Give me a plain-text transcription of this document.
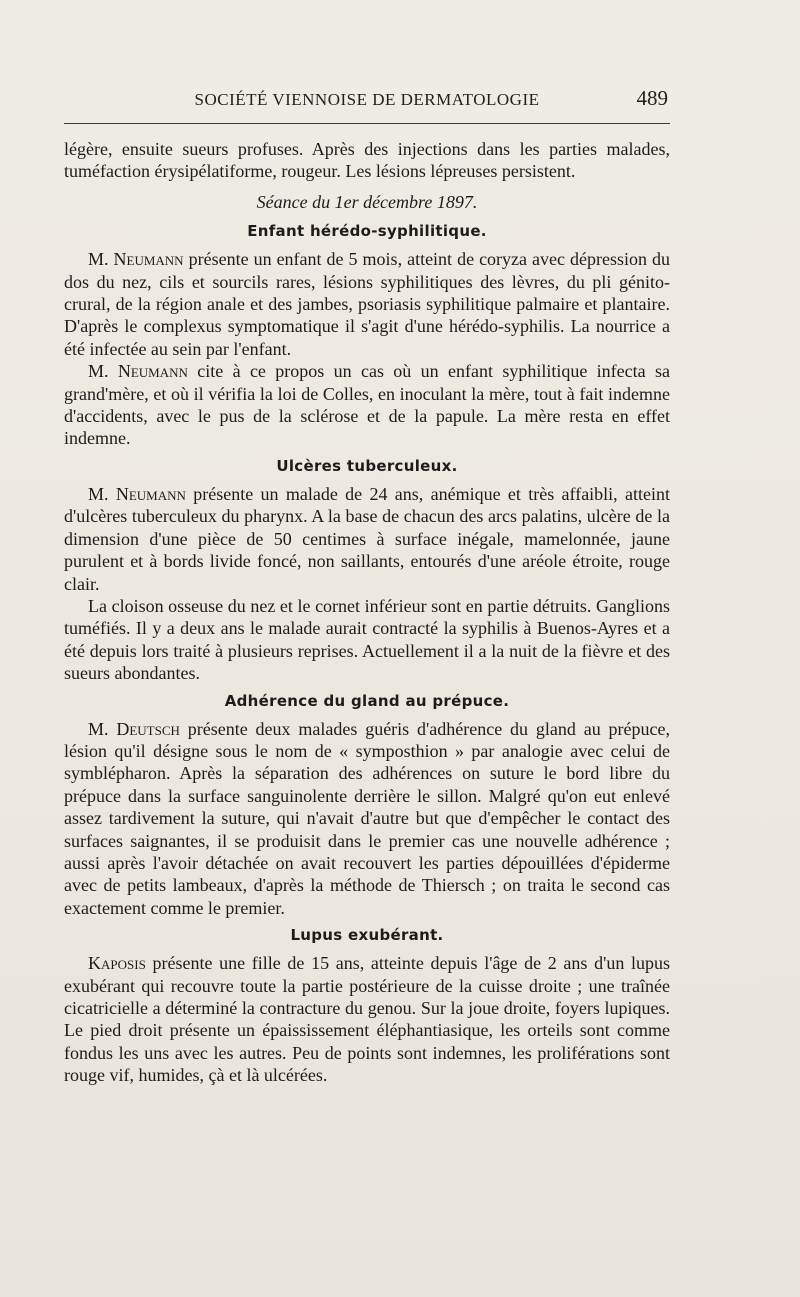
SOCIÉTÉ VIENNOISE DE DERMATOLOGIE	489

légère, ensuite sueurs profuses. Après des injections dans les parties malades, tuméfaction érysipélatiforme, rougeur. Les lésions lépreuses persistent.

Séance du 1er décembre 1897.
Enfant hérédo-syphilitique.

M. Neumann présente un enfant de 5 mois, atteint de coryza avec dépression du dos du nez, cils et sourcils rares, lésions syphilitiques des lèvres, du pli génito-crural, de la région anale et des jambes, psoriasis syphilitique palmaire et plantaire. D'après le complexus symptomatique il s'agit d'une hérédo-syphilis. La nourrice a été infectée au sein par l'enfant.

M. Neumann cite à ce propos un cas où un enfant syphilitique infecta sa grand'mère, et où il vérifia la loi de Colles, en inoculant la mère, tout à fait indemne d'accidents, avec le pus de la sclérose et de la papule. La mère resta en effet indemne.

Ulcères tuberculeux.

M. Neumann présente un malade de 24 ans, anémique et très affaibli, atteint d'ulcères tuberculeux du pharynx. A la base de chacun des arcs palatins, ulcère de la dimension d'une pièce de 50 centimes à surface inégale, mamelonnée, jaune purulent et à bords livide foncé, non saillants, entourés d'une aréole étroite, rouge clair.

La cloison osseuse du nez et le cornet inférieur sont en partie détruits. Ganglions tuméfiés. Il y a deux ans le malade aurait contracté la syphilis à Buenos-Ayres et a été depuis lors traité à plusieurs reprises. Actuellement il a la nuit de la fièvre et des sueurs abondantes.

Adhérence du gland au prépuce.

M. Deutsch présente deux malades guéris d'adhérence du gland au prépuce, lésion qu'il désigne sous le nom de « symposthion » par analogie avec celui de symblépharon. Après la séparation des adhérences on suture le bord libre du prépuce dans la surface sanguinolente derrière le sillon. Malgré qu'on eut enlevé assez tardivement la suture, qui n'avait d'autre but que d'empêcher le contact des surfaces saignantes, il se produisit dans le premier cas une nouvelle adhérence ; aussi après l'avoir détachée on avait recouvert les parties dépouillées d'épiderme avec de petits lambeaux, d'après la méthode de Thiersch ; on traita le second cas exactement comme le premier.

Lupus exubérant.

Kaposis présente une fille de 15 ans, atteinte depuis l'âge de 2 ans d'un lupus exubérant qui recouvre toute la partie postérieure de la cuisse droite ; une traînée cicatricielle a déterminé la contracture du genou. Sur la joue droite, foyers lupiques. Le pied droit présente un épaississement éléphantiasique, les orteils sont comme fondus les uns avec les autres. Peu de points sont indemnes, les proliférations sont rouge vif, humides, çà et là ulcérées.
